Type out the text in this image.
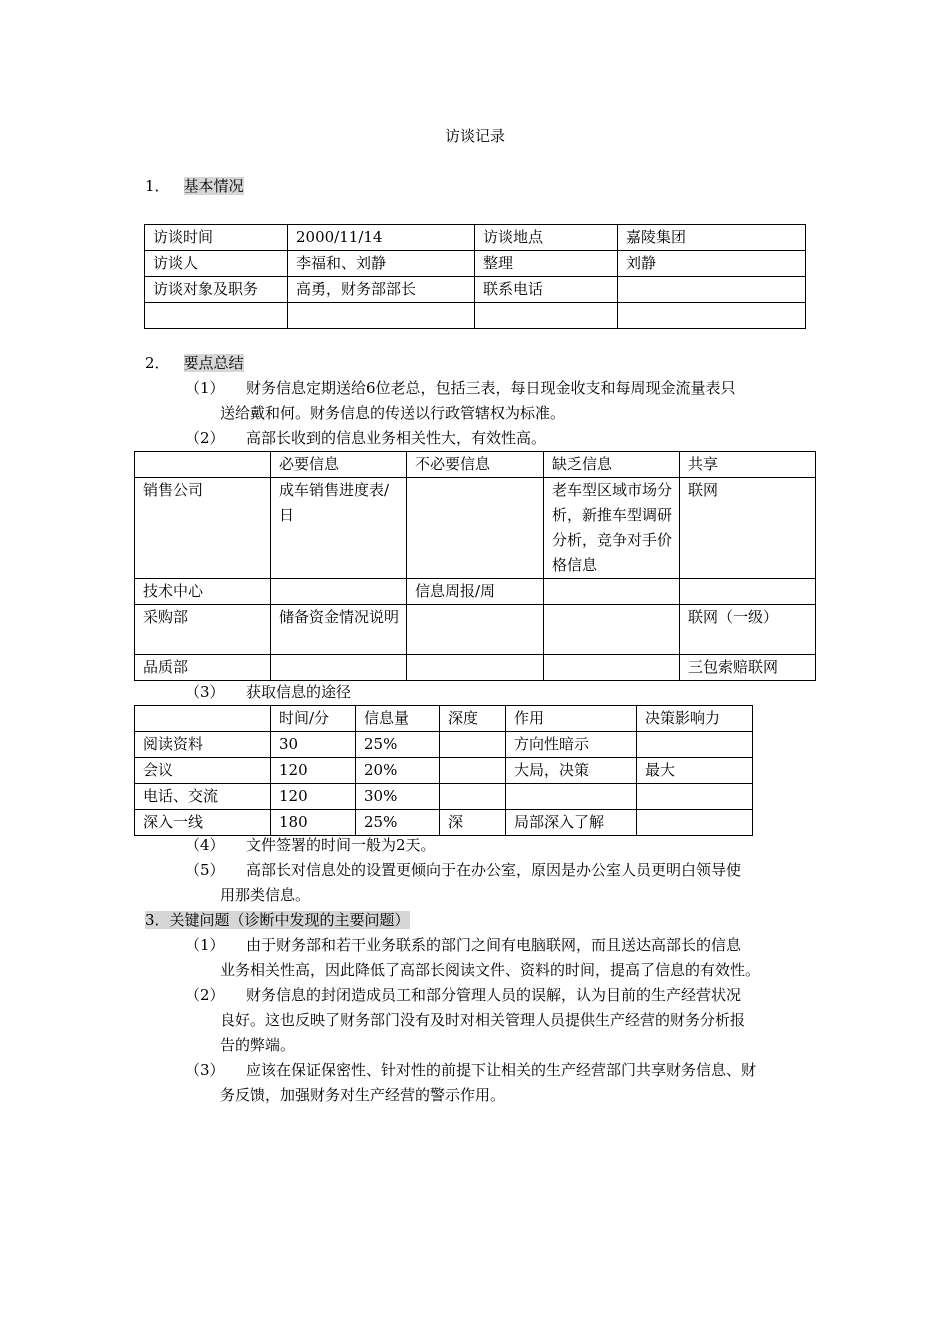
访谈记录
1． 基本情况
访谈时间	2000/11/14	访谈地点	嘉陵集团
访谈人	李福和、刘静	整理	刘静
访谈对象及职务	高勇，财务部部长	联系电话	

2． 要点总结
（1）	财务信息定期送给6位老总，包括三表，每日现金收支和每周现金流量表只
送给戴和何。财务信息的传送以行政管辖权为标准。
（2）	高部长收到的信息业务相关性大，有效性高。
	必要信息	不必要信息	缺乏信息	共享
销售公司	成车销售进度表/日		老车型区域市场分析，新推车型调研分析，竞争对手价格信息	联网
技术中心		信息周报/周		
采购部	储备资金情况说明			联网（一级）
品质部				三包索赔联网
（3）	获取信息的途径
	时间/分	信息量	深度	作用	决策影响力
阅读资料	30	25%		方向性暗示	
会议	120	20%		大局，决策	最大
电话、交流	120	30%			
深入一线	180	25%	深	局部深入了解	
（4）	文件签署的时间一般为2天。
（5）	高部长对信息处的设置更倾向于在办公室，原因是办公室人员更明白领导使
用那类信息。
3．关键问题（诊断中发现的主要问题）
（1）	由于财务部和若干业务联系的部门之间有电脑联网，而且送达高部长的信息
业务相关性高，因此降低了高部长阅读文件、资料的时间，提高了信息的有效性。
（2）	财务信息的封闭造成员工和部分管理人员的误解，认为目前的生产经营状况
良好。这也反映了财务部门没有及时对相关管理人员提供生产经营的财务分析报
告的弊端。
（3）	应该在保证保密性、针对性的前提下让相关的生产经营部门共享财务信息、财
务反馈，加强财务对生产经营的警示作用。
